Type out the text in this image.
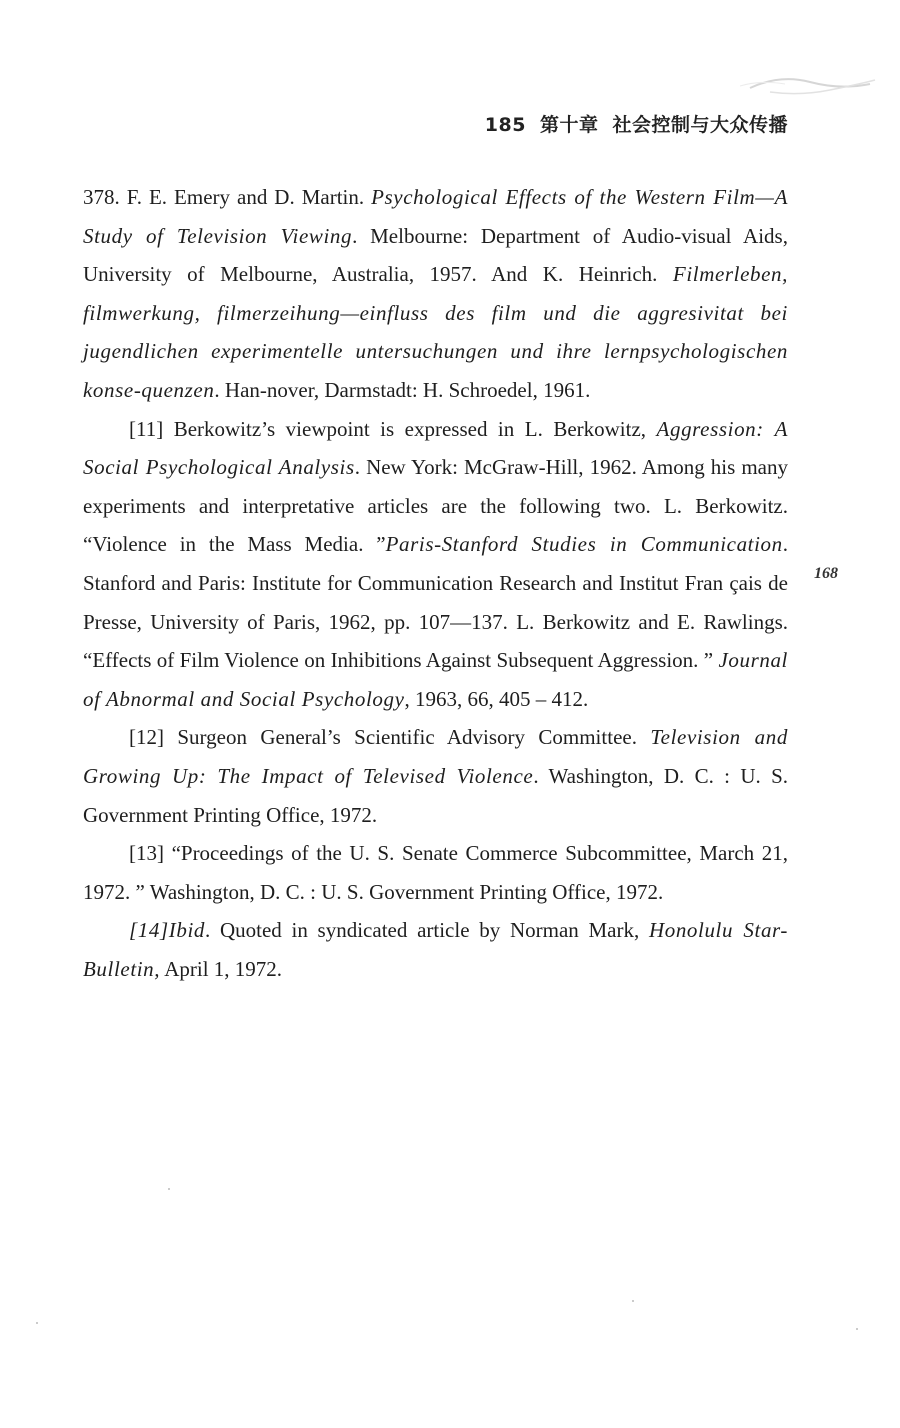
185 第十章 社会控制与大众传播
168

378. F. E. Emery and D. Martin. Psychological Effects of the Western Film—A Study of Television Viewing. Melbourne: Department of Audio-visual Aids, University of Melbourne, Australia, 1957. And K. Heinrich. Filmerleben, filmwerkung, filmerzeihung—einfluss des film und die aggresivitat bei jugendlichen experimentelle untersuchungen und ihre lernpsychologischen konse-quenzen. Han-nover, Darmstadt: H. Schroedel, 1961.

[11] Berkowitz’s viewpoint is expressed in L. Berkowitz, Aggression: A Social Psychological Analysis. New York: McGraw-Hill, 1962. Among his many experiments and interpretative articles are the following two. L. Berkowitz. “Violence in the Mass Media. ”Paris-Stanford Studies in Communication. Stanford and Paris: Institute for Communication Research and Institut Fran çais de Presse, University of Paris, 1962, pp. 107—137. L. Berkowitz and E. Rawlings. “Effects of Film Violence on Inhibitions Against Subsequent Aggression. ” Journal of Abnormal and Social Psychology, 1963, 66, 405 – 412.

[12] Surgeon General’s Scientific Advisory Committee. Television and Growing Up: The Impact of Televised Violence. Washington, D. C. : U. S. Government Printing Office, 1972.

[13] “Proceedings of the U. S. Senate Commerce Subcommittee, March 21, 1972. ” Washington, D. C. : U. S. Government Printing Office, 1972.

[14]Ibid. Quoted in syndicated article by Norman Mark, Honolulu Star-Bulletin, April 1, 1972.
